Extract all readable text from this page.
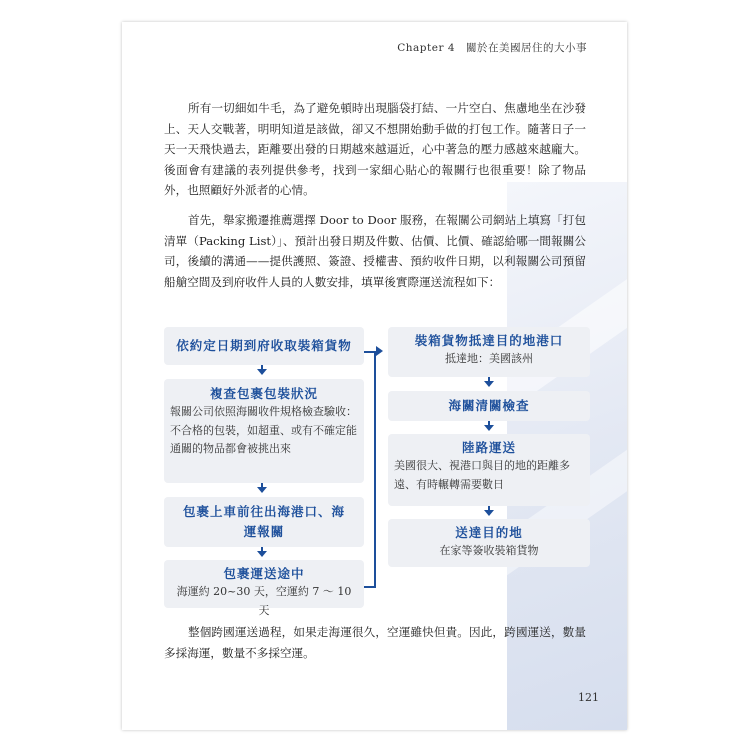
Chapter 4　關於在美國居住的大小事

所有一切細如牛毛，為了避免頓時出現腦袋打結、一片空白、焦慮地坐在沙發上、天人交戰著，明明知道是該做，卻又不想開始動手做的打包工作。隨著日子一天一天飛快過去，距離要出發的日期越來越逼近，心中著急的壓力感越來越龐大。後面會有建議的表列提供參考，找到一家細心貼心的報關行也很重要！除了物品外，也照顧好外派者的心情。

首先，舉家搬遷推薦選擇 Door to Door 服務，在報關公司網站上填寫「打包清單（Packing List）」、預計出發日期及件數、估價、比價、確認給哪一間報關公司，後續的溝通——提供護照、簽證、授權書、預約收件日期，以利報關公司預留船艙空間及到府收件人員的人數安排，填單後實際運送流程如下：

依約定日期到府收取裝箱貨物
複查包裹包裝狀況
報關公司依照海關收件規格檢查驗收：不合格的包裝，如超重、或有不確定能通關的物品都會被挑出來
包裹上車前往出海港口、海運報關
包裹運送途中
海運約 20~30 天，空運約 7 ～ 10 天
裝箱貨物抵達目的地港口
抵達地：美國該州
海關清關檢查
陸路運送
美國很大、視港口與目的地的距離多遠、有時輾轉需要數日
送達目的地
在家等簽收裝箱貨物

整個跨國運送過程，如果走海運很久，空運雖快但貴。因此，跨國運送，數量多採海運，數量不多採空運。

121
